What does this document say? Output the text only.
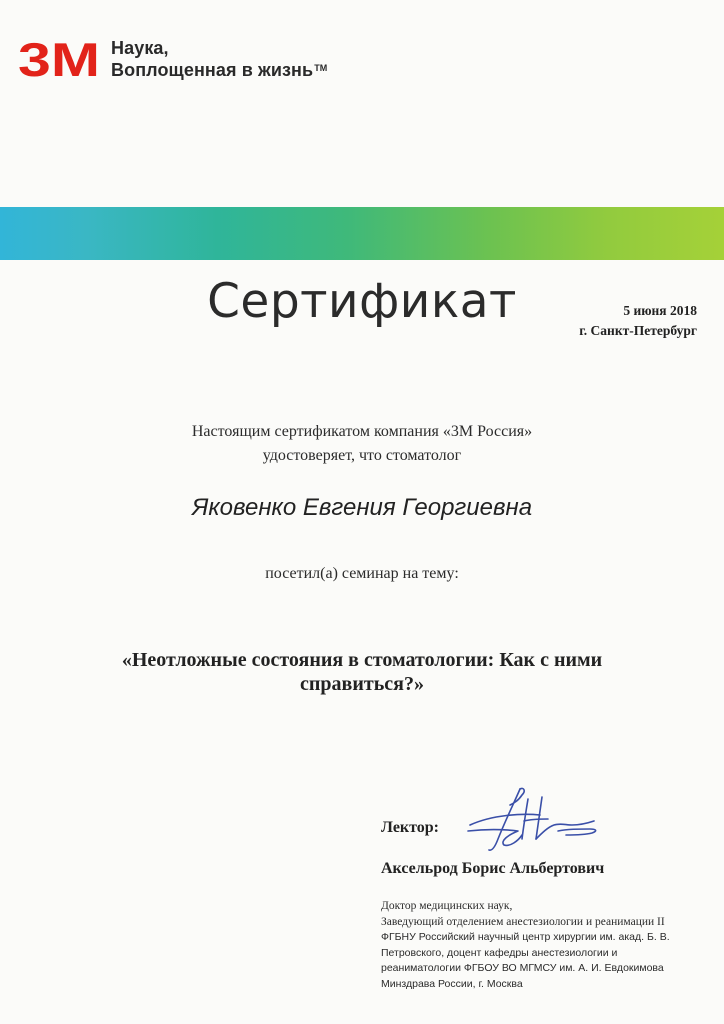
3M Наука,
Воплощенная в жизнь™
Сертификат	5 июня 2018
г. Санкт-Петербург
Настоящим сертификатом компания «3М Россия»
удостоверяет, что стоматолог
Яковенко Евгения Георгиевна
посетил(а) семинар на тему:
«Неотложные состояния в стоматологии: Как с ними
справиться?»
Лектор:
Аксельрод Борис Альбертович
Доктор медицинских наук,
Заведующий отделением анестезиологии и реанимации II
ФГБНУ Российский научный центр хирургии им. акад. Б. В.
Петровского, доцент кафедры анестезиологии и
реаниматологии ФГБОУ ВО МГМСУ им. А. И. Евдокимова
Минздрава России, г. Москва
